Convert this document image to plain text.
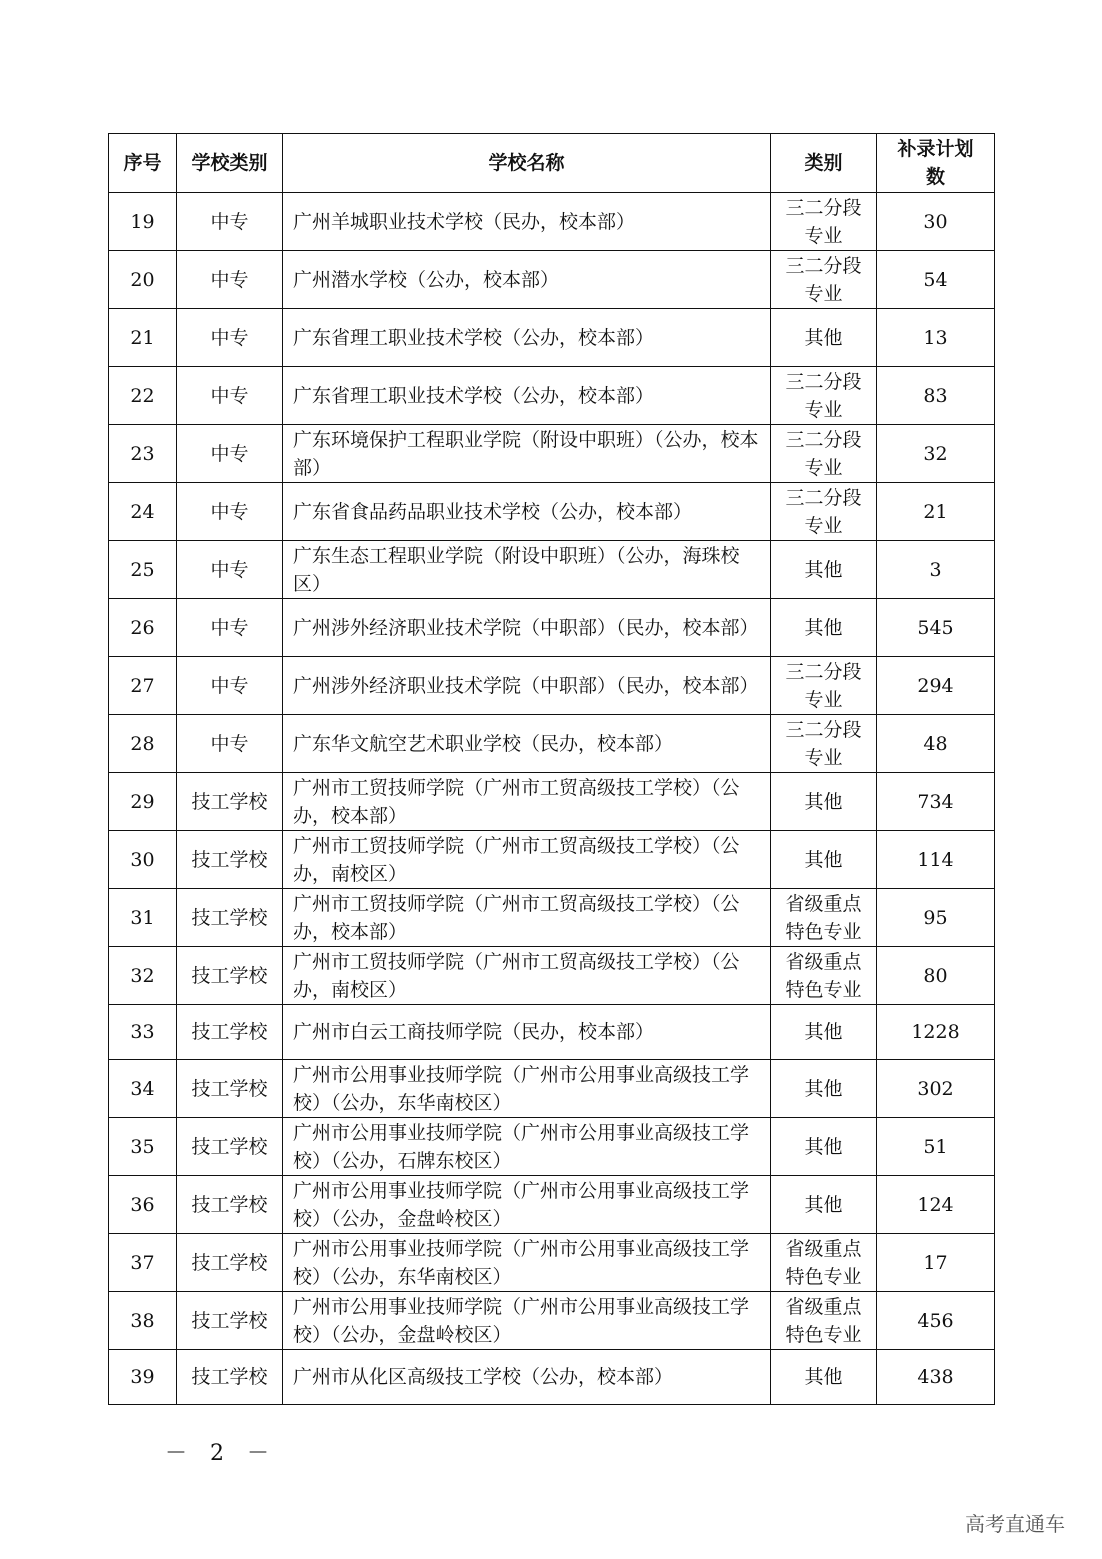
序号	学校类别	学校名称	类别	补录计划数
19	中专	广州羊城职业技术学校（民办，校本部）	三二分段专业	30
20	中专	广州潜水学校（公办，校本部）	三二分段专业	54
21	中专	广东省理工职业技术学校（公办，校本部）	其他	13
22	中专	广东省理工职业技术学校（公办，校本部）	三二分段专业	83
23	中专	广东环境保护工程职业学院（附设中职班）（公办，校本部）	三二分段专业	32
24	中专	广东省食品药品职业技术学校（公办，校本部）	三二分段专业	21
25	中专	广东生态工程职业学院（附设中职班）（公办，海珠校区）	其他	3
26	中专	广州涉外经济职业技术学院（中职部）（民办，校本部）	其他	545
27	中专	广州涉外经济职业技术学院（中职部）（民办，校本部）	三二分段专业	294
28	中专	广东华文航空艺术职业学校（民办，校本部）	三二分段专业	48
29	技工学校	广州市工贸技师学院（广州市工贸高级技工学校）（公办，校本部）	其他	734
30	技工学校	广州市工贸技师学院（广州市工贸高级技工学校）（公办，南校区）	其他	114
31	技工学校	广州市工贸技师学院（广州市工贸高级技工学校）（公办，校本部）	省级重点特色专业	95
32	技工学校	广州市工贸技师学院（广州市工贸高级技工学校）（公办，南校区）	省级重点特色专业	80
33	技工学校	广州市白云工商技师学院（民办，校本部）	其他	1228
34	技工学校	广州市公用事业技师学院（广州市公用事业高级技工学校）（公办，东华南校区）	其他	302
35	技工学校	广州市公用事业技师学院（广州市公用事业高级技工学校）（公办，石牌东校区）	其他	51
36	技工学校	广州市公用事业技师学院（广州市公用事业高级技工学校）（公办，金盘岭校区）	其他	124
37	技工学校	广州市公用事业技师学院（广州市公用事业高级技工学校）（公办，东华南校区）	省级重点特色专业	17
38	技工学校	广州市公用事业技师学院（广州市公用事业高级技工学校）（公办，金盘岭校区）	省级重点特色专业	456
39	技工学校	广州市从化区高级技工学校（公办，校本部）	其他	438
－ 2 －
高考直通车
